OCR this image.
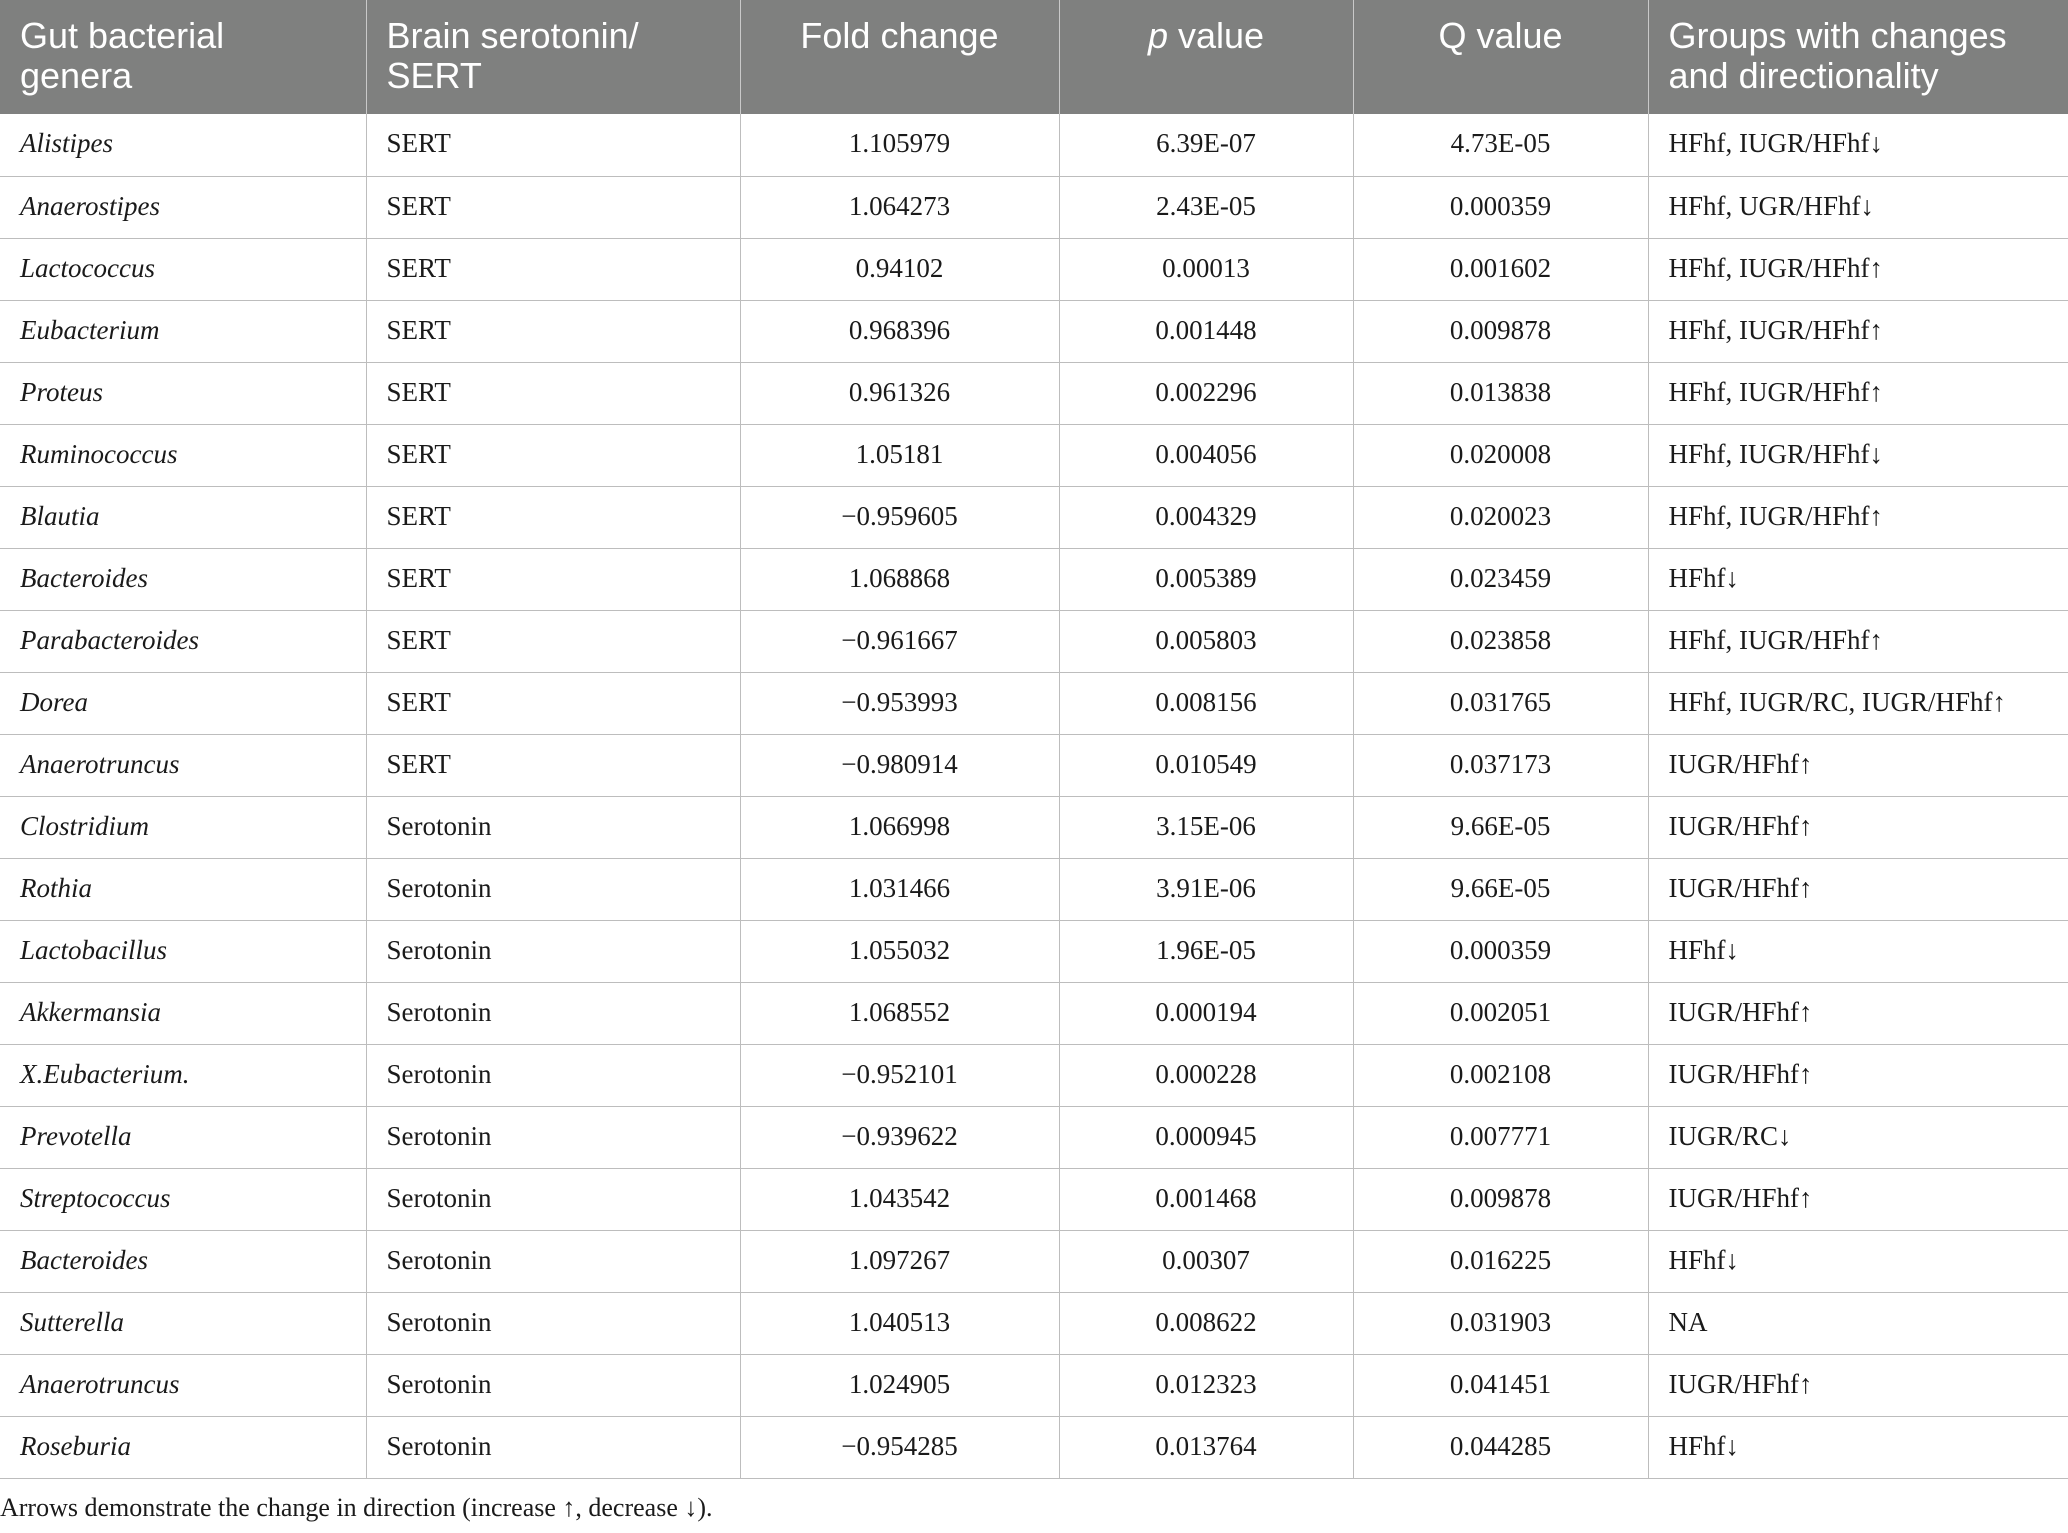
Gut bacterial genera	Brain serotonin/ SERT	Fold change	p value	Q value	Groups with changes and directionality
Alistipes	SERT	1.105979	6.39E-07	4.73E-05	HFhf, IUGR/HFhf↓
Anaerostipes	SERT	1.064273	2.43E-05	0.000359	HFhf, UGR/HFhf↓
Lactococcus	SERT	0.94102	0.00013	0.001602	HFhf, IUGR/HFhf↑
Eubacterium	SERT	0.968396	0.001448	0.009878	HFhf, IUGR/HFhf↑
Proteus	SERT	0.961326	0.002296	0.013838	HFhf, IUGR/HFhf↑
Ruminococcus	SERT	1.05181	0.004056	0.020008	HFhf, IUGR/HFhf↓
Blautia	SERT	−0.959605	0.004329	0.020023	HFhf, IUGR/HFhf↑
Bacteroides	SERT	1.068868	0.005389	0.023459	HFhf↓
Parabacteroides	SERT	−0.961667	0.005803	0.023858	HFhf, IUGR/HFhf↑
Dorea	SERT	−0.953993	0.008156	0.031765	HFhf, IUGR/RC, IUGR/HFhf↑
Anaerotruncus	SERT	−0.980914	0.010549	0.037173	IUGR/HFhf↑
Clostridium	Serotonin	1.066998	3.15E-06	9.66E-05	IUGR/HFhf↑
Rothia	Serotonin	1.031466	3.91E-06	9.66E-05	IUGR/HFhf↑
Lactobacillus	Serotonin	1.055032	1.96E-05	0.000359	HFhf↓
Akkermansia	Serotonin	1.068552	0.000194	0.002051	IUGR/HFhf↑
X.Eubacterium.	Serotonin	−0.952101	0.000228	0.002108	IUGR/HFhf↑
Prevotella	Serotonin	−0.939622	0.000945	0.007771	IUGR/RC↓
Streptococcus	Serotonin	1.043542	0.001468	0.009878	IUGR/HFhf↑
Bacteroides	Serotonin	1.097267	0.00307	0.016225	HFhf↓
Sutterella	Serotonin	1.040513	0.008622	0.031903	NA
Anaerotruncus	Serotonin	1.024905	0.012323	0.041451	IUGR/HFhf↑
Roseburia	Serotonin	−0.954285	0.013764	0.044285	HFhf↓
Arrows demonstrate the change in direction (increase ↑, decrease ↓).
